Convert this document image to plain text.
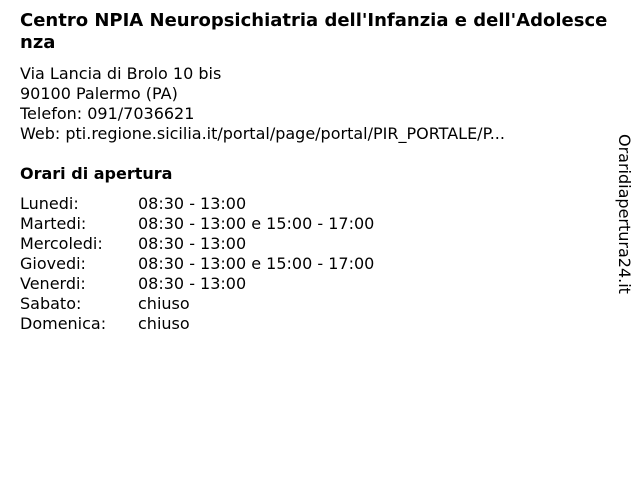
Centro NPIA Neuropsichiatria dell'Infanzia e dell'Adolescenza
Via Lancia di Brolo 10 bis
90100 Palermo (PA)
Telefon: 091/7036621
Web: pti.regione.sicilia.it/portal/page/portal/PIR_PORTALE/P...
Orari di apertura
Lunedi:	08:30 - 13:00
Martedi:	08:30 - 13:00 e 15:00 - 17:00
Mercoledi:	08:30 - 13:00
Giovedi:	08:30 - 13:00 e 15:00 - 17:00
Venerdi:	08:30 - 13:00
Sabato:	chiuso
Domenica:	chiuso
Oraridiapertura24.it
